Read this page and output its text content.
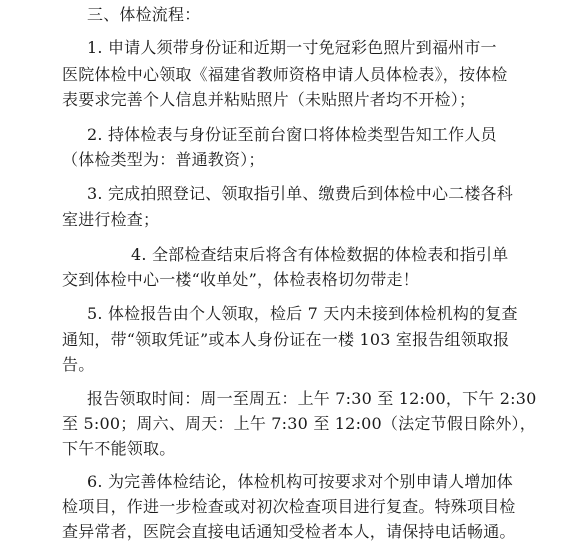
三、体检流程：
1. 申请人须带身份证和近期一寸免冠彩色照片到福州市一
医院体检中心领取《福建省教师资格申请人员体检表》，按体检
表要求完善个人信息并粘贴照片（未贴照片者均不开检）；
2. 持体检表与身份证至前台窗口将体检类型告知工作人员
（体检类型为：普通教资）；
3. 完成拍照登记、领取指引单、缴费后到体检中心二楼各科
室进行检查；
4. 全部检查结束后将含有体检数据的体检表和指引单
交到体检中心一楼“收单处”，体检表格切勿带走！
5. 体检报告由个人领取，检后 7 天内未接到体检机构的复查
通知，带“领取凭证”或本人身份证在一楼 103 室报告组领取报
告。
报告领取时间：周一至周五：上午 7:30 至 12:00，下午 2:30
至 5:00；周六、周天：上午 7:30 至 12:00（法定节假日除外），
下午不能领取。
6. 为完善体检结论，体检机构可按要求对个别申请人增加体
检项目，作进一步检查或对初次检查项目进行复查。特殊项目检
查异常者，医院会直接电话通知受检者本人，请保持电话畅通。
